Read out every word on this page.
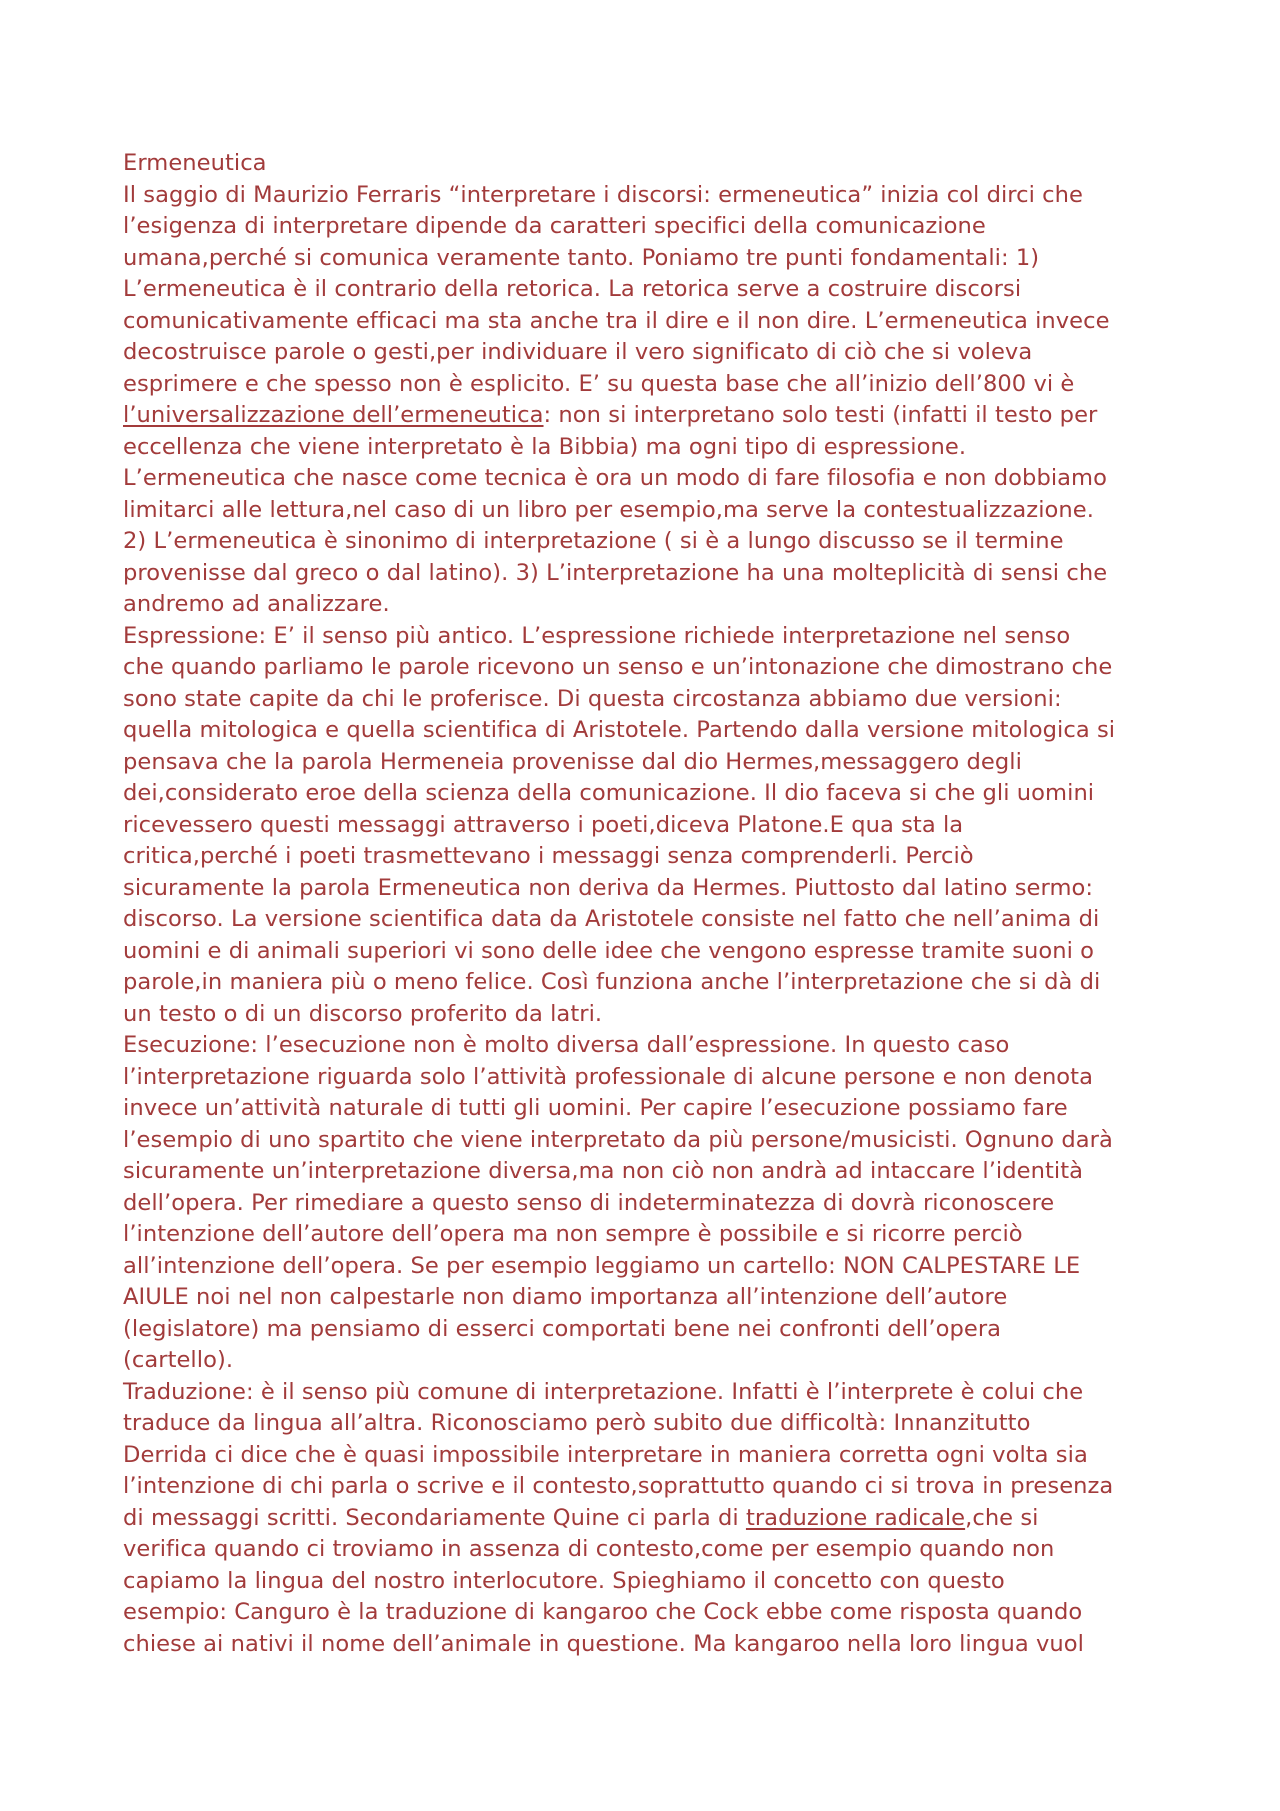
Ermeneutica
Il saggio di Maurizio Ferraris “interpretare i discorsi: ermeneutica” inizia col dirci che
l’esigenza di interpretare dipende da caratteri specifici della comunicazione
umana,perché si comunica veramente tanto. Poniamo tre punti fondamentali: 1)
L’ermeneutica è il contrario della retorica. La retorica serve a costruire discorsi
comunicativamente efficaci ma sta anche tra il dire e il non dire. L’ermeneutica invece
decostruisce parole o gesti,per individuare il vero significato di ciò che si voleva
esprimere e che spesso non è esplicito. E’ su questa base che all’inizio dell’800 vi è
l’universalizzazione dell’ermeneutica: non si interpretano solo testi (infatti il testo per
eccellenza che viene interpretato è la Bibbia) ma ogni tipo di espressione.
L’ermeneutica che nasce come tecnica è ora un modo di fare filosofia e non dobbiamo
limitarci alle lettura,nel caso di un libro per esempio,ma serve la contestualizzazione.
2) L’ermeneutica è sinonimo di interpretazione ( si è a lungo discusso se il termine
provenisse dal greco o dal latino). 3) L’interpretazione ha una molteplicità di sensi che
andremo ad analizzare.
Espressione: E’ il senso più antico. L’espressione richiede interpretazione nel senso
che quando parliamo le parole ricevono un senso e un’intonazione che dimostrano che
sono state capite da chi le proferisce. Di questa circostanza abbiamo due versioni:
quella mitologica e quella scientifica di Aristotele. Partendo dalla versione mitologica si
pensava che la parola Hermeneia provenisse dal dio Hermes,messaggero degli
dei,considerato eroe della scienza della comunicazione. Il dio faceva si che gli uomini
ricevessero questi messaggi attraverso i poeti,diceva Platone.E qua sta la
critica,perché i poeti trasmettevano i messaggi senza comprenderli. Perciò
sicuramente la parola Ermeneutica non deriva da Hermes. Piuttosto dal latino sermo:
discorso. La versione scientifica data da Aristotele consiste nel fatto che nell’anima di
uomini e di animali superiori vi sono delle idee che vengono espresse tramite suoni o
parole,in maniera più o meno felice. Così funziona anche l’interpretazione che si dà di
un testo o di un discorso proferito da latri.
Esecuzione: l’esecuzione non è molto diversa dall’espressione. In questo caso
l’interpretazione riguarda solo l’attività professionale di alcune persone e non denota
invece un’attività naturale di tutti gli uomini. Per capire l’esecuzione possiamo fare
l’esempio di uno spartito che viene interpretato da più persone/musicisti. Ognuno darà
sicuramente un’interpretazione diversa,ma non ciò non andrà ad intaccare l’identità
dell’opera. Per rimediare a questo senso di indeterminatezza di dovrà riconoscere
l’intenzione dell’autore dell’opera ma non sempre è possibile e si ricorre perciò
all’intenzione dell’opera. Se per esempio leggiamo un cartello: NON CALPESTARE LE
AIULE noi nel non calpestarle non diamo importanza all’intenzione dell’autore
(legislatore) ma pensiamo di esserci comportati bene nei confronti dell’opera
(cartello).
Traduzione: è il senso più comune di interpretazione. Infatti è l’interprete è colui che
traduce da lingua all’altra. Riconosciamo però subito due difficoltà: Innanzitutto
Derrida ci dice che è quasi impossibile interpretare in maniera corretta ogni volta sia
l’intenzione di chi parla o scrive e il contesto,soprattutto quando ci si trova in presenza
di messaggi scritti. Secondariamente Quine ci parla di traduzione radicale,che si
verifica quando ci troviamo in assenza di contesto,come per esempio quando non
capiamo la lingua del nostro interlocutore. Spieghiamo il concetto con questo
esempio: Canguro è la traduzione di kangaroo che Cock ebbe come risposta quando
chiese ai nativi il nome dell’animale in questione. Ma kangaroo nella loro lingua vuol
